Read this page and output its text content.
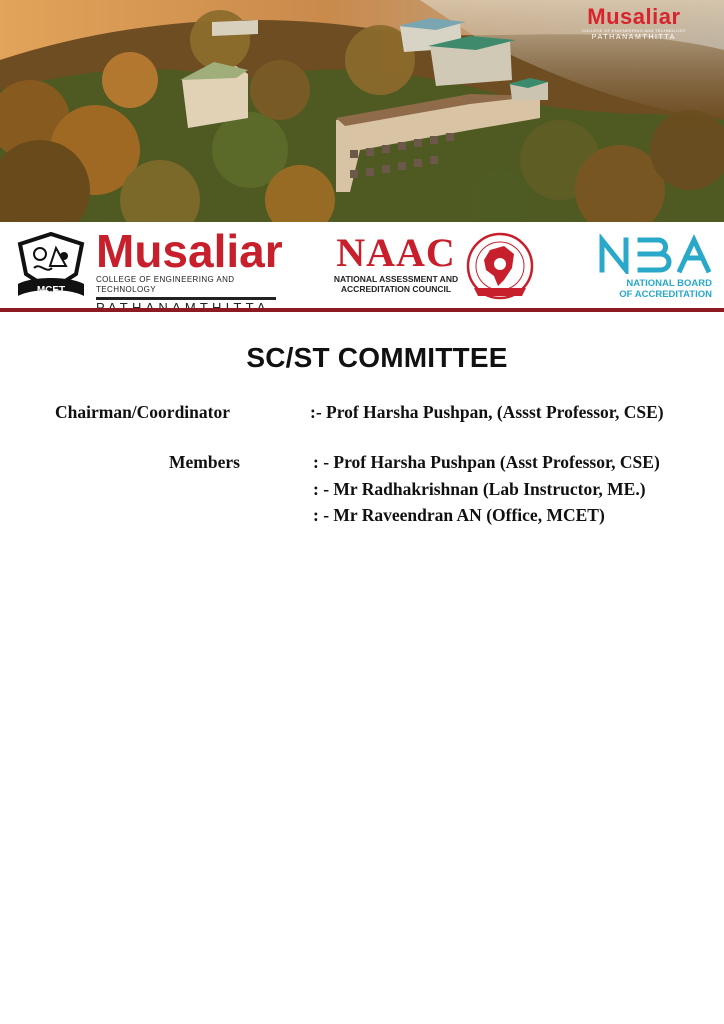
Musaliar
COLLEGE OF ENGINEERING AND TECHNOLOGY
PATHANAMTHITTA
MCET
Musaliar
COLLEGE OF ENGINEERING AND TECHNOLOGY
NAAC
NATIONAL ASSESSMENT AND
ACCREDITATION COUNCIL	NATIONAL BOARD
OF ACCREDITATION
SC/ST COMMITTEE
Chairman/Coordinator	:- Prof Harsha Pushpan, (Assst Professor, CSE)
Members	: - Prof Harsha Pushpan (Asst Professor, CSE)
: - Mr Radhakrishnan (Lab Instructor, ME.)
: - Mr Raveendran AN (Office, MCET)
